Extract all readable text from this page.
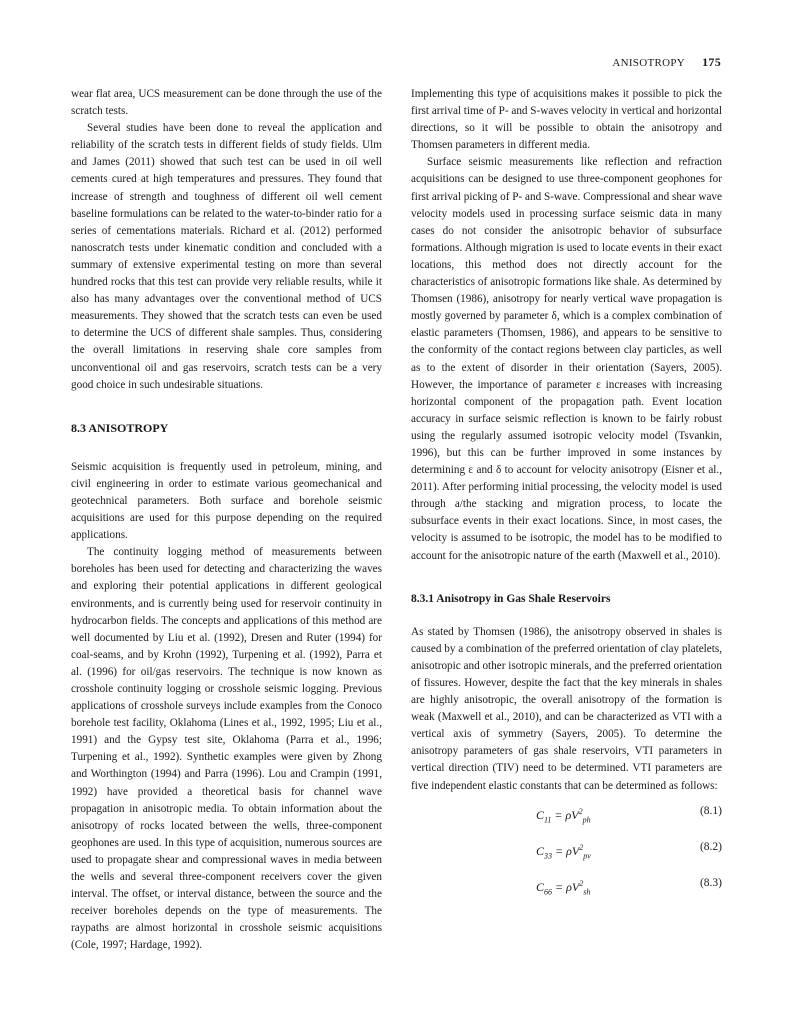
ANISOTROPY 175

wear flat area, UCS measurement can be done through the use of the scratch tests.

Several studies have been done to reveal the application and reliability of the scratch tests in different fields of study fields. Ulm and James (2011) showed that such test can be used in oil well cements cured at high temperatures and pressures. They found that increase of strength and toughness of different oil well cement baseline formulations can be related to the water-to-binder ratio for a series of cementations materials. Richard et al. (2012) performed nanoscratch tests under kinematic condition and concluded with a summary of extensive experimental testing on more than several hundred rocks that this test can provide very reliable results, while it also has many advantages over the conventional method of UCS measurements. They showed that the scratch tests can even be used to determine the UCS of different shale samples. Thus, considering the overall limitations in reserving shale core samples from unconventional oil and gas reservoirs, scratch tests can be a very good choice in such undesirable situations.

8.3 ANISOTROPY

Seismic acquisition is frequently used in petroleum, mining, and civil engineering in order to estimate various geomechanical and geotechnical parameters. Both surface and borehole seismic acquisitions are used for this purpose depending on the required applications.

The continuity logging method of measurements between boreholes has been used for detecting and characterizing the waves and exploring their potential applications in different geological environments, and is currently being used for reservoir continuity in hydrocarbon fields. The concepts and applications of this method are well documented by Liu et al. (1992), Dresen and Ruter (1994) for coal-seams, and by Krohn (1992), Turpening et al. (1992), Parra et al. (1996) for oil/gas reservoirs. The technique is now known as crosshole continuity logging or crosshole seismic logging. Previous applications of crosshole surveys include examples from the Conoco borehole test facility, Oklahoma (Lines et al., 1992, 1995; Liu et al., 1991) and the Gypsy test site, Oklahoma (Parra et al., 1996; Turpening et al., 1992). Synthetic examples were given by Zhong and Worthington (1994) and Parra (1996). Lou and Crampin (1991, 1992) have provided a theoretical basis for channel wave propagation in anisotropic media. To obtain information about the anisotropy of rocks located between the wells, three-component geophones are used. In this type of acquisition, numerous sources are used to propagate shear and compressional waves in media between the wells and several three-component receivers cover the given interval. The offset, or interval distance, between the source and the receiver boreholes depends on the type of measurements. The raypaths are almost horizontal in crosshole seismic acquisitions (Cole, 1997; Hardage, 1992).

Implementing this type of acquisitions makes it possible to pick the first arrival time of P- and S-waves velocity in vertical and horizontal directions, so it will be possible to obtain the anisotropy and Thomsen parameters in different media.

Surface seismic measurements like reflection and refraction acquisitions can be designed to use three-component geophones for first arrival picking of P- and S-wave. Compressional and shear wave velocity models used in processing surface seismic data in many cases do not consider the anisotropic behavior of subsurface formations. Although migration is used to locate events in their exact locations, this method does not directly account for the characteristics of anisotropic formations like shale. As determined by Thomsen (1986), anisotropy for nearly vertical wave propagation is mostly governed by parameter δ, which is a complex combination of elastic parameters (Thomsen, 1986), and appears to be sensitive to the conformity of the contact regions between clay particles, as well as to the extent of disorder in their orientation (Sayers, 2005). However, the importance of parameter ε increases with increasing horizontal component of the propagation path. Event location accuracy in surface seismic reflection is known to be fairly robust using the regularly assumed isotropic velocity model (Tsvankin, 1996), but this can be further improved in some instances by determining ε and δ to account for velocity anisotropy (Eisner et al., 2011). After performing initial processing, the velocity model is used through a/the stacking and migration process, to locate the subsurface events in their exact locations. Since, in most cases, the velocity is assumed to be isotropic, the model has to be modified to account for the anisotropic nature of the earth (Maxwell et al., 2010).

8.3.1 Anisotropy in Gas Shale Reservoirs

As stated by Thomsen (1986), the anisotropy observed in shales is caused by a combination of the preferred orientation of clay platelets, anisotropic and other isotropic minerals, and the preferred orientation of fissures. However, despite the fact that the key minerals in shales are highly anisotropic, the overall anisotropy of the formation is weak (Maxwell et al., 2010), and can be characterized as VTI with a vertical axis of symmetry (Sayers, 2005). To determine the anisotropy parameters of gas shale reservoirs, VTI parameters in vertical direction (TIV) need to be determined. VTI parameters are five independent elastic constants that can be determined as follows:

$C_{11} = \rho V^2_{ph}$
(8.1)
$C_{33} = \rho V^2_{pv}$
(8.2)
$C_{66} = \rho V^2_{sh}$
(8.3)
